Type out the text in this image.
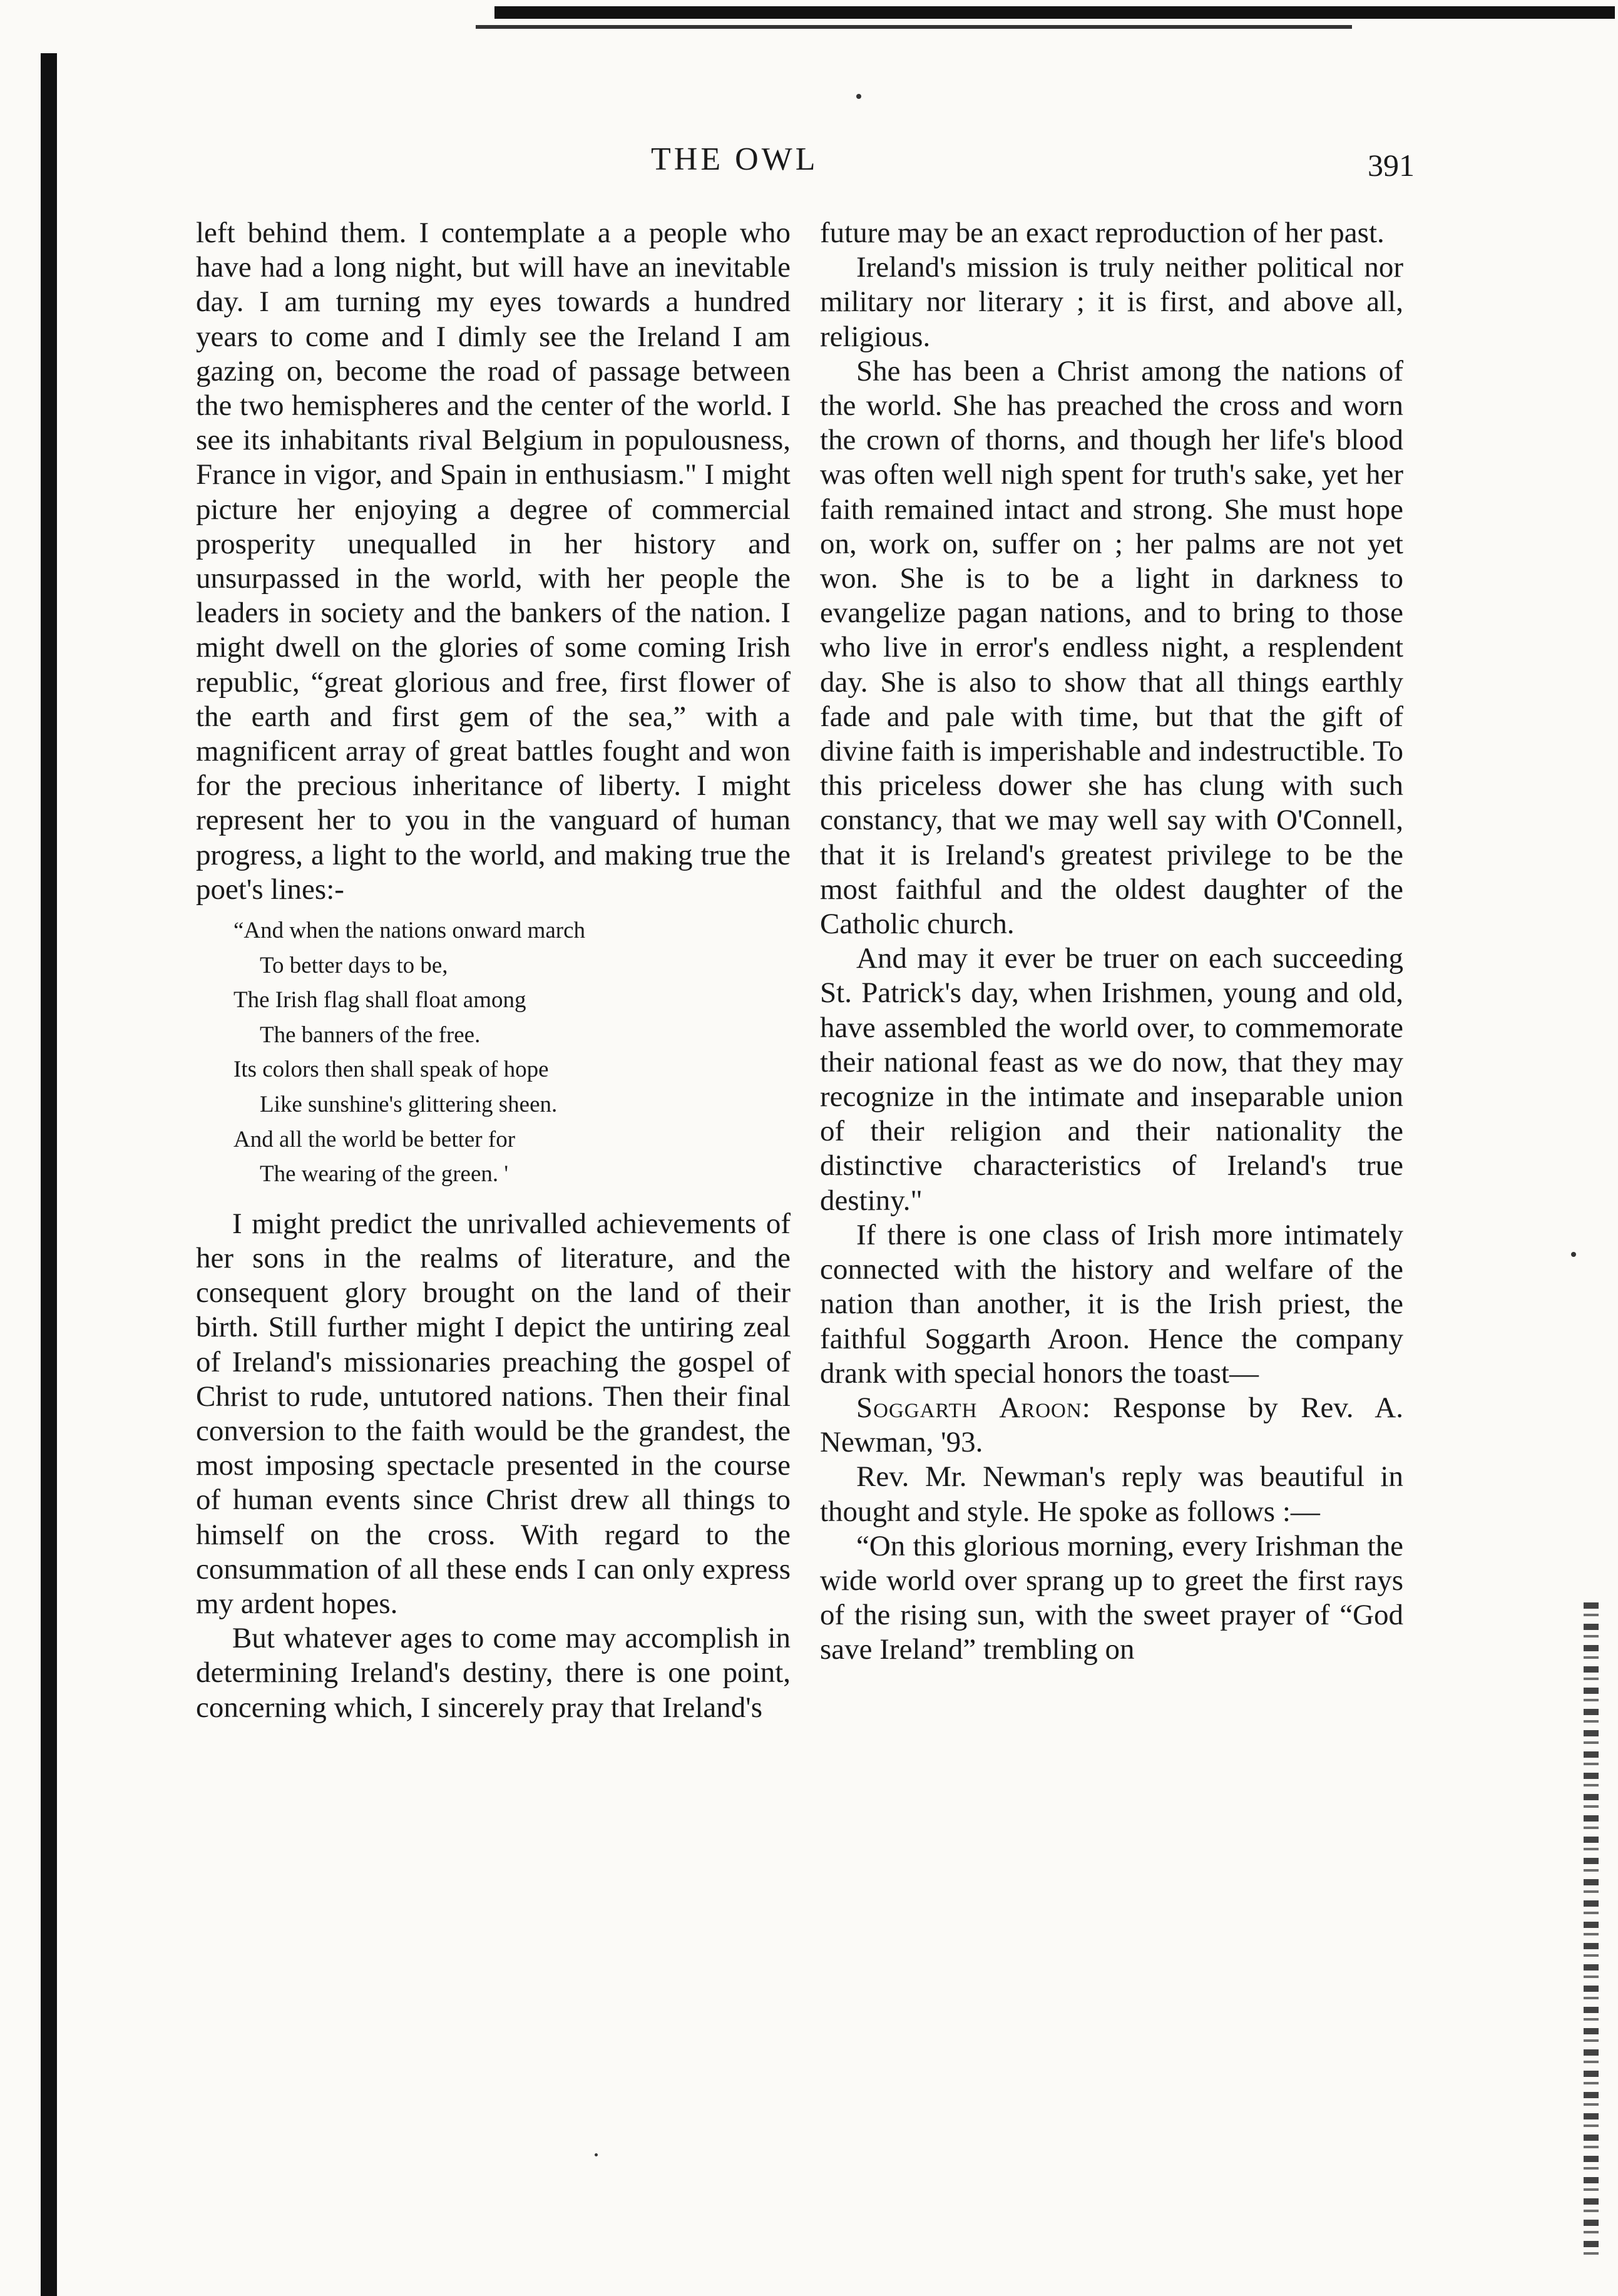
THE OWL	391

left behind them. I contemplate a a people who have had a long night, but will have an inevitable day. I am turning my eyes towards a hundred years to come and I dimly see the Ireland I am gazing on, become the road of passage between the two hemispheres and the center of the world. I see its inhabitants rival Belgium in populousness, France in vigor, and Spain in enthusiasm." I might picture her enjoying a degree of commercial prosperity unequalled in her history and unsurpassed in the world, with her people the leaders in society and the bankers of the nation. I might dwell on the glories of some coming Irish republic, “great glorious and free, first flower of the earth and first gem of the sea,” with a magnificent array of great battles fought and won for the precious inheritance of liberty. I might represent her to you in the vanguard of human progress, a light to the world, and making true the poet's lines:-

“And when the nations onward march
To better days to be,
The Irish flag shall float among
The banners of the free.
Its colors then shall speak of hope
Like sunshine's glittering sheen.
And all the world be better for
The wearing of the green. '

I might predict the unrivalled achievements of her sons in the realms of literature, and the consequent glory brought on the land of their birth. Still further might I depict the untiring zeal of Ireland's missionaries preaching the gospel of Christ to rude, untutored nations. Then their final conversion to the faith would be the grandest, the most imposing spectacle presented in the course of human events since Christ drew all things to himself on the cross. With regard to the consummation of all these ends I can only express my ardent hopes.

But whatever ages to come may accomplish in determining Ireland's destiny, there is one point, concerning which, I sincerely pray that Ireland's

future may be an exact reproduction of her past.

Ireland's mission is truly neither political nor military nor literary ; it is first, and above all, religious.

She has been a Christ among the nations of the world. She has preached the cross and worn the crown of thorns, and though her life's blood was often well nigh spent for truth's sake, yet her faith remained intact and strong. She must hope on, work on, suffer on ; her palms are not yet won. She is to be a light in darkness to evangelize pagan nations, and to bring to those who live in error's endless night, a resplendent day. She is also to show that all things earthly fade and pale with time, but that the gift of divine faith is imperishable and indestructible. To this priceless dower she has clung with such constancy, that we may well say with O'Connell, that it is Ireland's greatest privilege to be the most faithful and the oldest daughter of the Catholic church.

And may it ever be truer on each succeeding St. Patrick's day, when Irishmen, young and old, have assembled the world over, to commemorate their national feast as we do now, that they may recognize in the intimate and inseparable union of their religion and their nationality the distinctive characteristics of Ireland's true destiny."

If there is one class of Irish more intimately connected with the history and welfare of the nation than another, it is the Irish priest, the faithful Soggarth Aroon. Hence the company drank with special honors the toast—

Soggarth Aroon: Response by Rev. A. Newman, '93.

Rev. Mr. Newman's reply was beautiful in thought and style. He spoke as follows :—

“On this glorious morning, every Irishman the wide world over sprang up to greet the first rays of the rising sun, with the sweet prayer of “God save Ireland” trembling on
